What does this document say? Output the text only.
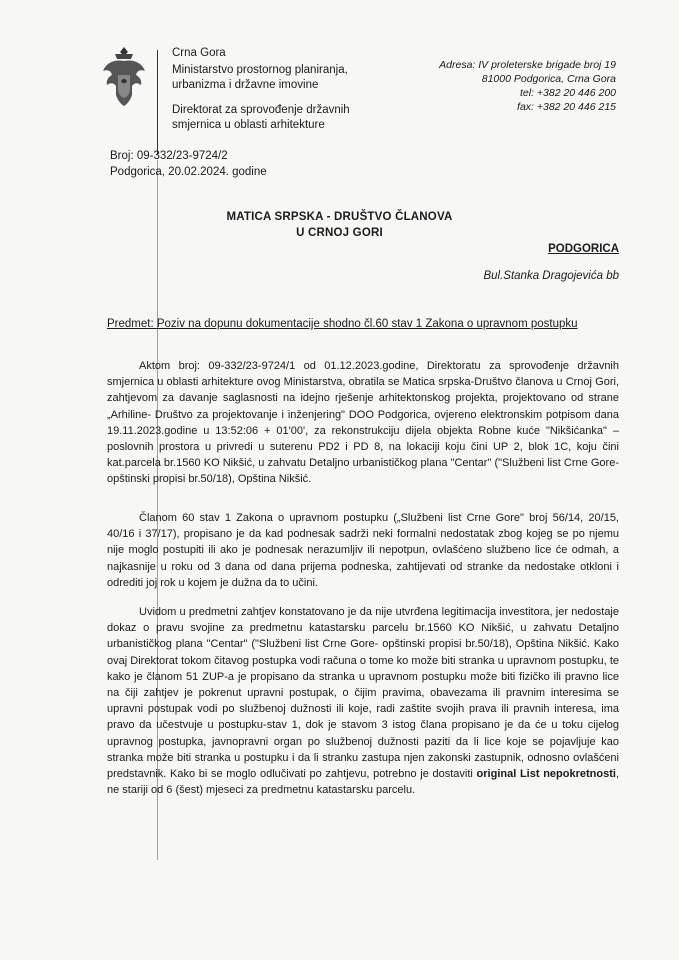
Crna Gora
Ministarstvo prostornog planiranja,
urbanizma i državne imovine
Direktorat za sprovođenje državnih
smjernica u oblasti arhitekture
Adresa: IV proleterske brigade broj 19
81000 Podgorica, Crna Gora
tel: +382 20 446 200
fax: +382 20 446 215
Broj: 09-332/23-9724/2
Podgorica, 20.02.2024. godine
MATICA SRPSKA - DRUŠTVO ČLANOVA
U CRNOJ GORI
PODGORICA
Bul.Stanka Dragojevića bb
Predmet: Poziv na dopunu dokumentacije shodno čl.60 stav 1 Zakona o upravnom postupku
Aktom broj: 09-332/23-9724/1 od 01.12.2023.godine, Direktoratu za sprovođenje državnih smjernica u oblasti arhitekture ovog Ministarstva, obratila se Matica srpska-Društvo članova u Crnoj Gori, zahtjevom za davanje saglasnosti na idejno rješenje arhitektonskog projekta, projektovano od strane „Arhiline- Društvo za projektovanje i inženjering" DOO Podgorica, ovjereno elektronskim potpisom dana 19.11.2023.godine u 13:52:06 + 01'00', za rekonstrukciju dijela objekta Robne kuće "Nikšićanka" – poslovnih prostora u privredi u suterenu PD2 i PD 8, na lokaciji koju čini UP 2, blok 1C, koju čini kat.parcela br.1560 KO Nikšić, u zahvatu Detaljno urbanističkog plana "Centar" ("Službeni list Crne Gore- opštinski propisi br.50/18), Opština Nikšić.
Članom 60 stav 1 Zakona o upravnom postupku („Službeni list Crne Gore" broj 56/14, 20/15, 40/16 i 37/17), propisano je da kad podnesak sadrži neki formalni nedostatak zbog kojeg se po njemu nije moglo postupiti ili ako je podnesak nerazumljiv ili nepotpun, ovlašćeno službeno lice će odmah, a najkasnije u roku od 3 dana od dana prijema podneska, zahtijevati od stranke da nedostake otkloni i odrediti joj rok u kojem je dužna da to učini.
Uvidom u predmetni zahtjev konstatovano je da nije utvrđena legitimacija investitora, jer nedostaje dokaz o pravu svojine za predmetnu katastarsku parcelu br.1560 KO Nikšić, u zahvatu Detaljno urbanističkog plana "Centar" ("Službeni list Crne Gore- opštinski propisi br.50/18), Opština Nikšić. Kako ovaj Direktorat tokom čitavog postupka vodi računa o tome ko može biti stranka u upravnom postupku, te kako je članom 51 ZUP-a je propisano da stranka u upravnom postupku može biti fizičko ili pravno lice na čiji zahtjev je pokrenut upravni postupak, o čijim pravima, obavezama ili pravnim interesima se upravni postupak vodi po službenoj dužnosti ili koje, radi zaštite svojih prava ili pravnih interesa, ima pravo da učestvuje u postupku-stav 1, dok je stavom 3 istog člana propisano je da će u toku cijelog upravnog postupka, javnopravni organ po službenoj dužnosti paziti da li lice koje se pojavljuje kao stranka može biti stranka u postupku i da li stranku zastupa njen zakonski zastupnik, odnosno ovlašćeni predstavnik. Kako bi se moglo odlučivati po zahtjevu, potrebno je dostaviti original List nepokretnosti, ne stariji od 6 (šest) mjeseci za predmetnu katastarsku parcelu.
